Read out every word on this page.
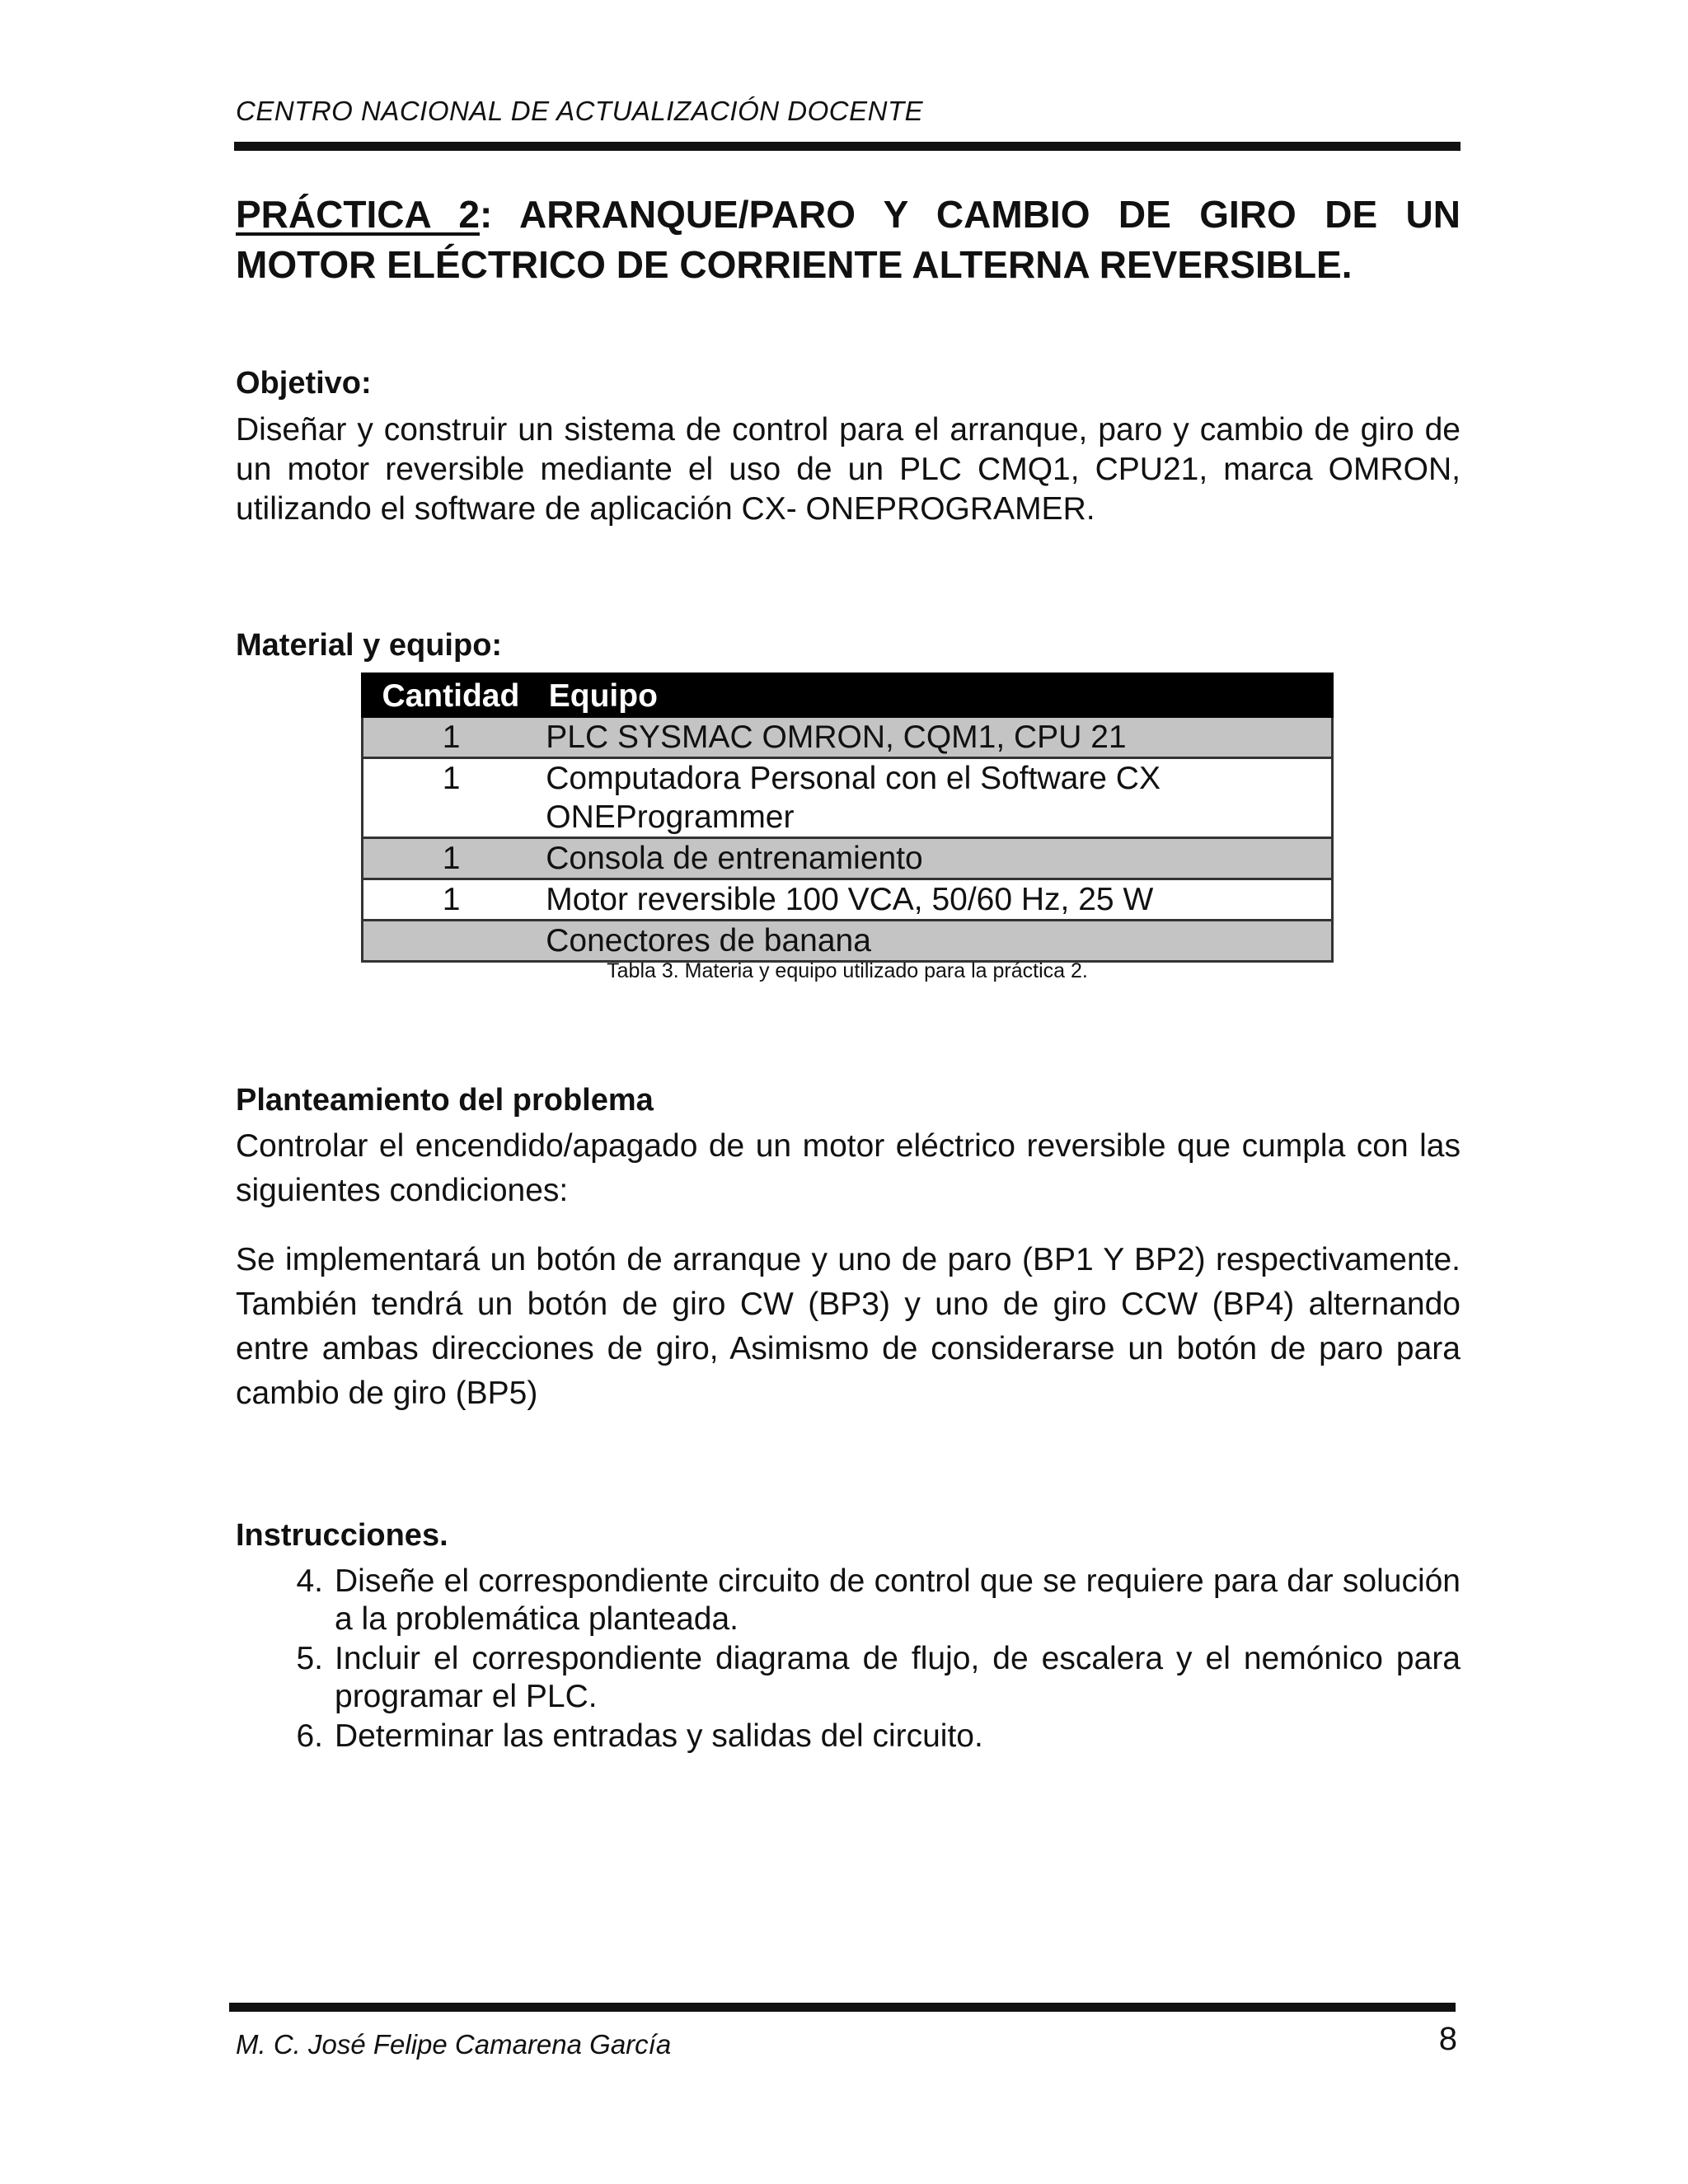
CENTRO NACIONAL DE ACTUALIZACIÓN DOCENTE
PRÁCTICA 2: ARRANQUE/PARO Y CAMBIO DE GIRO DE UN MOTOR ELÉCTRICO DE CORRIENTE ALTERNA REVERSIBLE.
Objetivo:
Diseñar y construir un sistema de control para el arranque, paro y cambio de giro de un motor reversible mediante el uso de un PLC CMQ1, CPU21, marca OMRON, utilizando el software de aplicación CX- ONEPROGRAMER.
Material y equipo:
Cantidad	Equipo
1	PLC SYSMAC OMRON, CQM1, CPU 21
1	Computadora Personal con el Software CX ONEProgrammer
1	Consola de entrenamiento
1	Motor reversible 100 VCA, 50/60 Hz, 25 W
	Conectores de banana
Tabla 3. Materia y equipo utilizado para la práctica 2.
Planteamiento del problema
Controlar el encendido/apagado de un motor eléctrico reversible que cumpla con las siguientes condiciones:
Se implementará un botón de arranque y uno de paro (BP1 Y BP2) respectivamente. También tendrá un botón de giro CW (BP3) y uno de giro CCW (BP4) alternando entre ambas direcciones de giro, Asimismo de considerarse un botón de paro para cambio de giro (BP5)
Instrucciones.
4. Diseñe el correspondiente circuito de control que se requiere para dar solución a la problemática planteada.
5. Incluir el correspondiente diagrama de flujo, de escalera y el nemónico para programar el PLC.
6. Determinar las entradas y salidas del circuito.
M. C. José Felipe Camarena García	8
